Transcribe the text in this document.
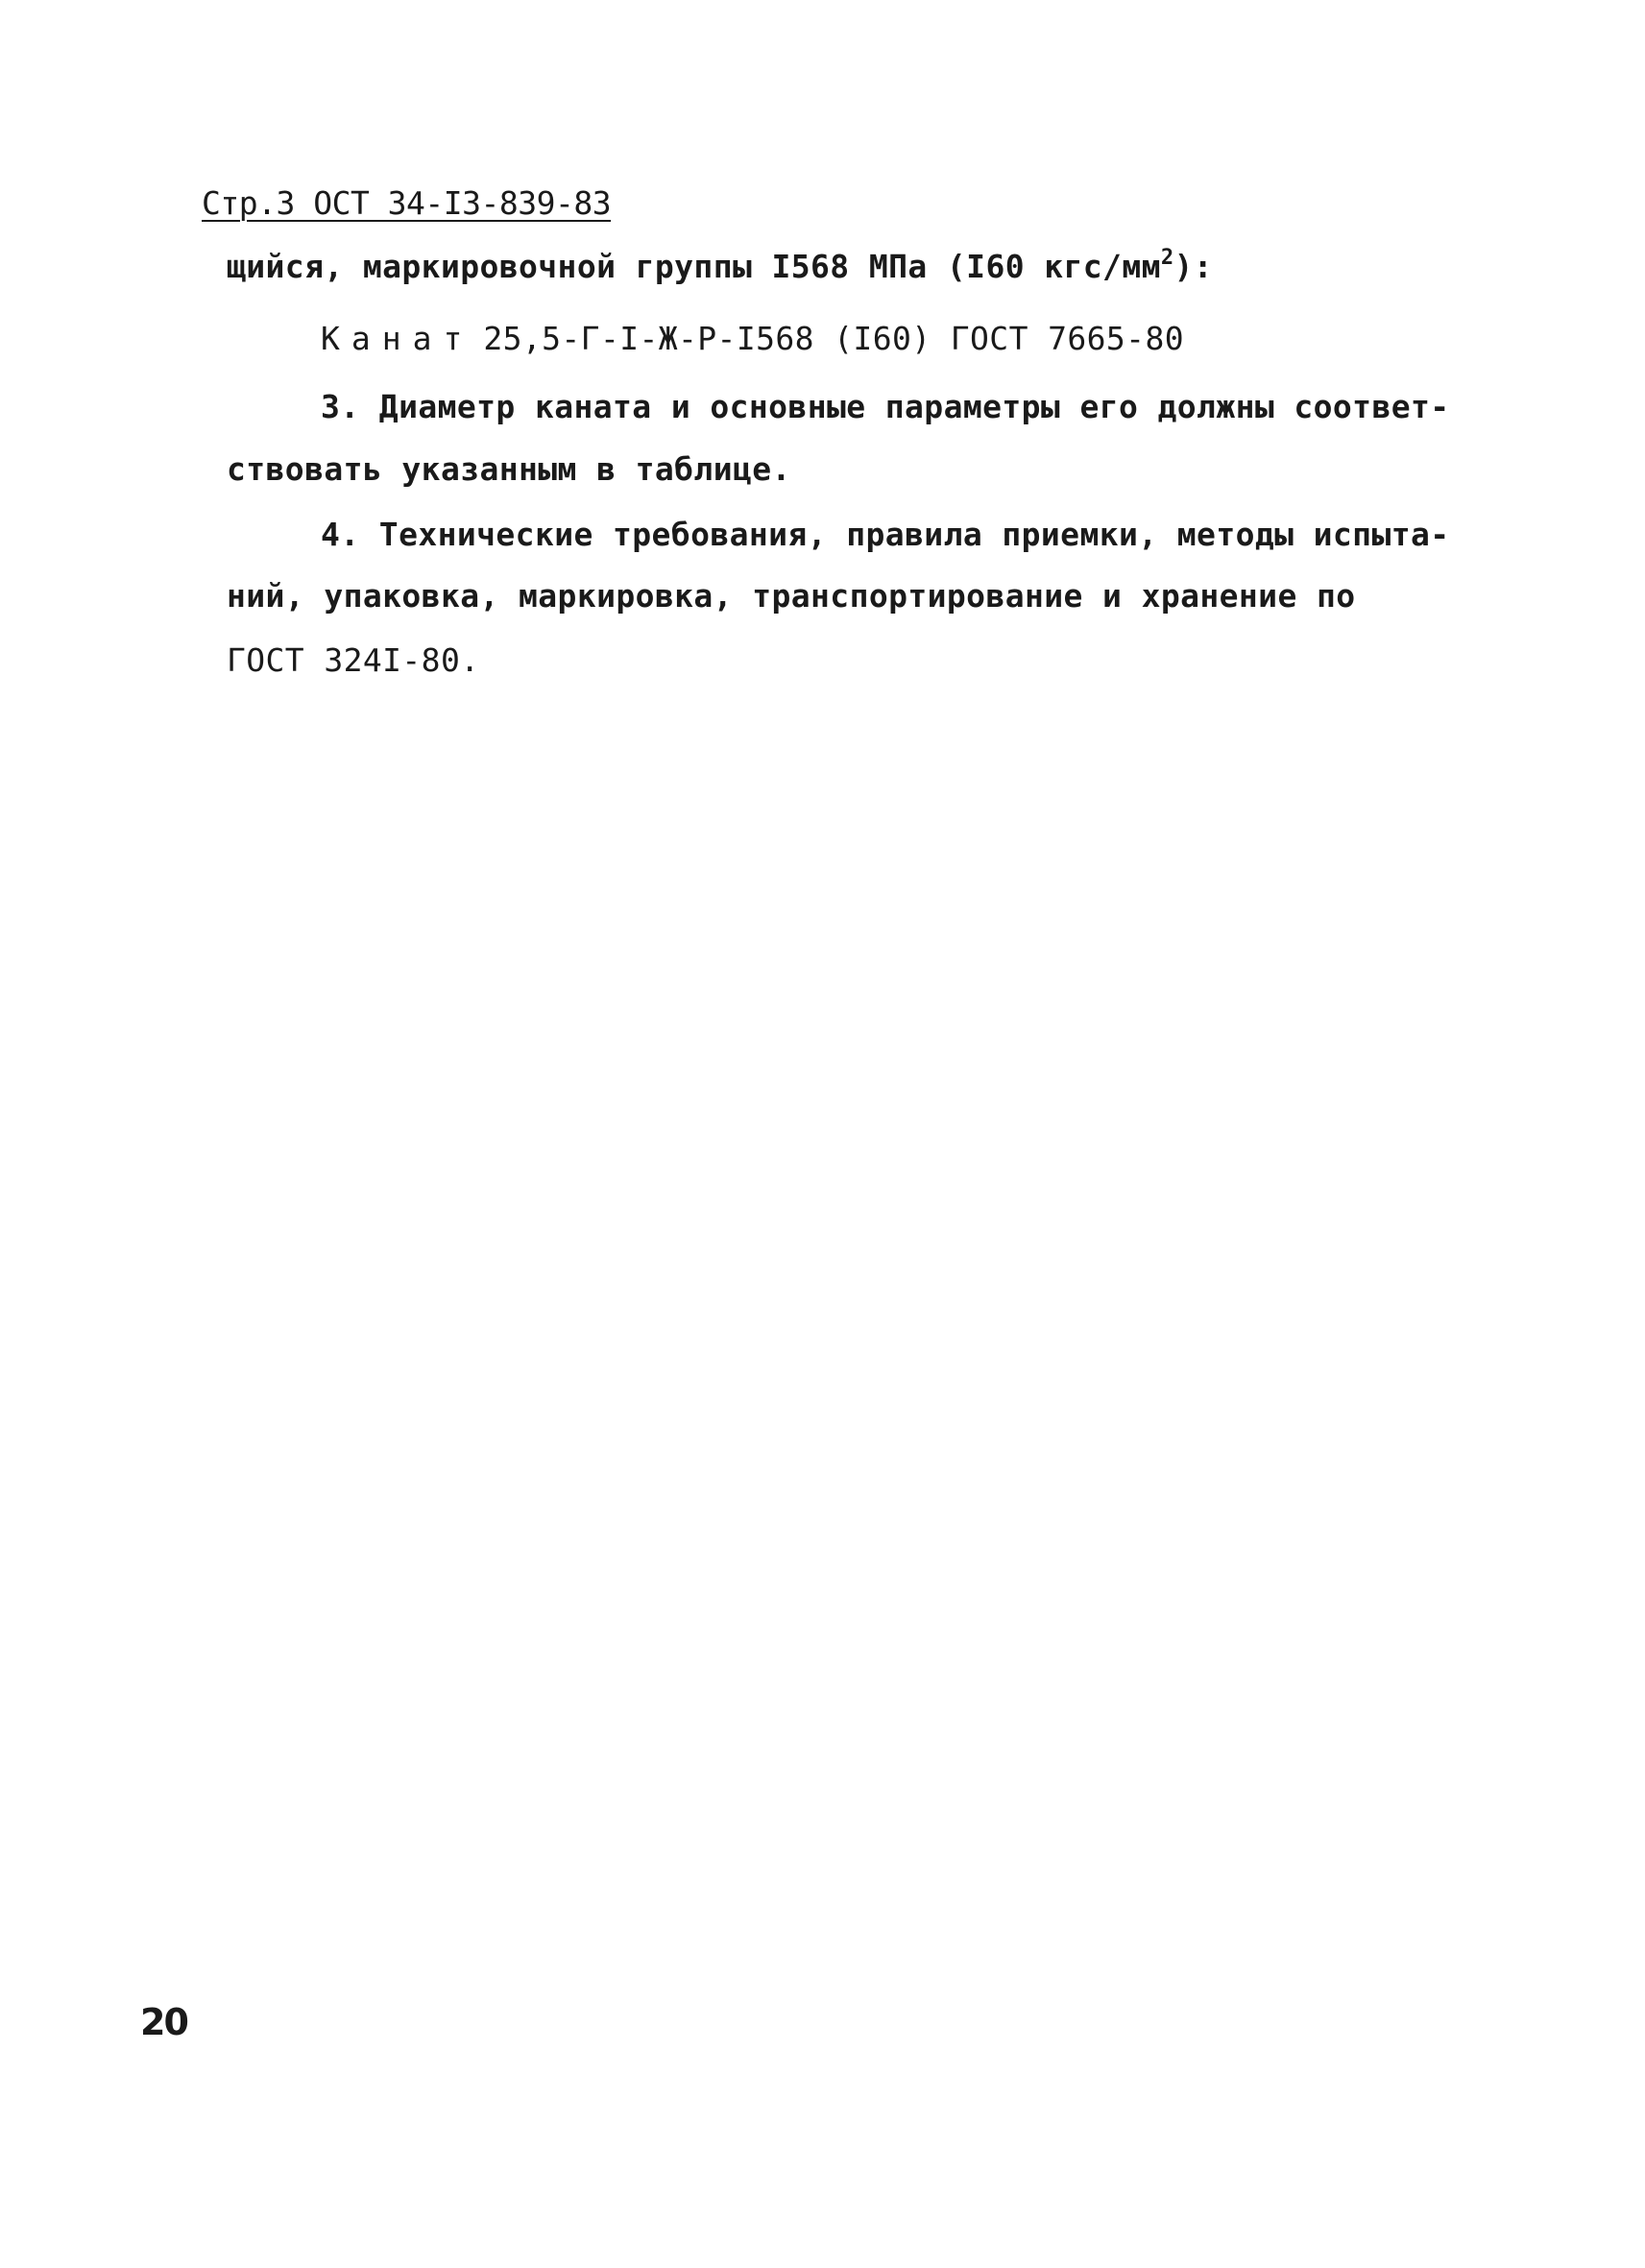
Стр.3 ОСТ 34-I3-839-83
щийся, маркировочной группы I568 МПа (I60 кгс/$мм^2$):
Канат 25,5-Г-I-Ж-Р-I568 (I60) ГОСТ 7665-80
3. Диаметр каната и основные параметры его должны соответ-
ствовать указанным в таблице.
4. Технические требования, правила приемки, методы испыта-
ний, упаковка, маркировка, транспортирование и хранение по
ГОСТ 324I-80.
20
